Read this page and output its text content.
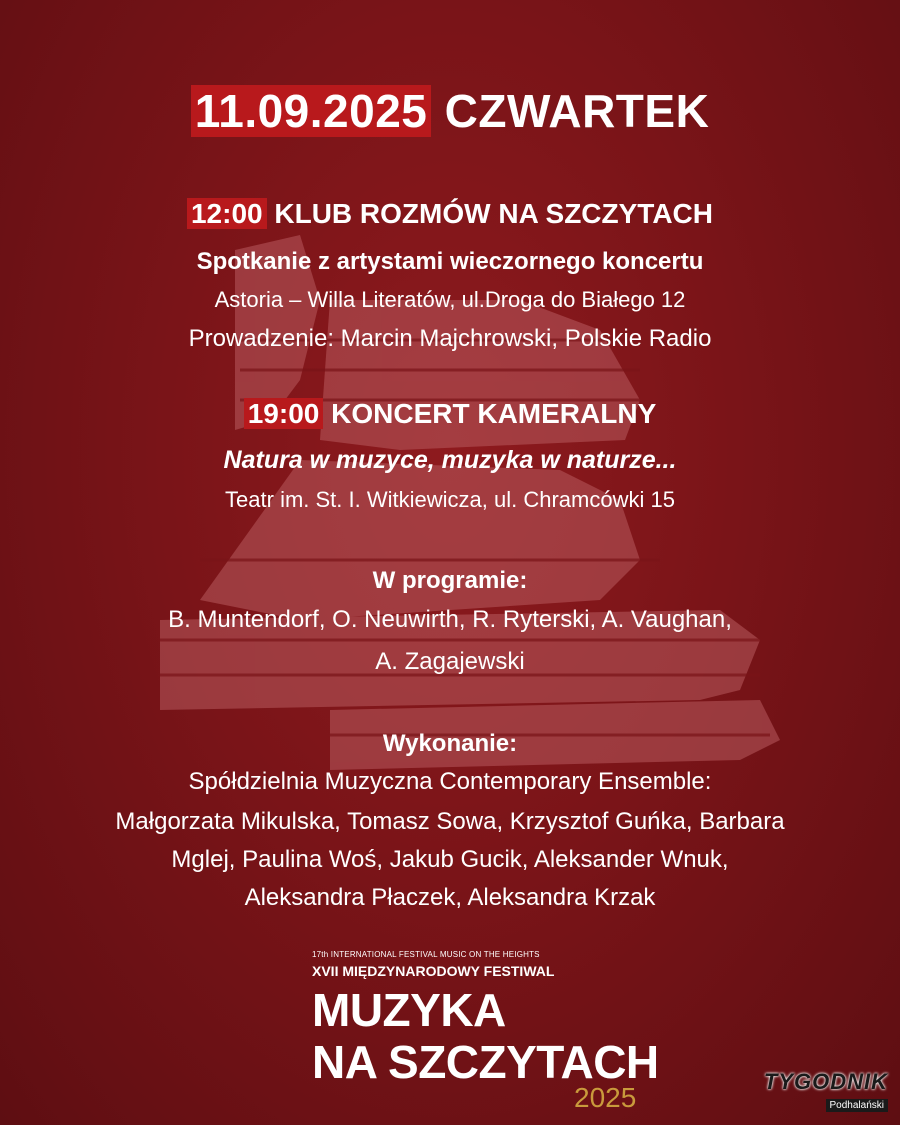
11.09.2025 CZWARTEK
12:00 KLUB ROZMÓW NA SZCZYTACH
Spotkanie z artystami wieczornego koncertu
Astoria – Willa Literatów, ul.Droga do Białego 12
Prowadzenie: Marcin Majchrowski, Polskie Radio
19:00 KONCERT KAMERALNY
Natura w muzyce, muzyka w naturze...
Teatr im. St. I. Witkiewicza, ul. Chramcówki 15
W programie:
B. Muntendorf, O. Neuwirth, R. Ryterski, A. Vaughan,
A. Zagajewski
Wykonanie:
Spółdzielnia Muzyczna Contemporary Ensemble:
Małgorzata Mikulska, Tomasz Sowa, Krzysztof Guńka, Barbara
Mglej, Paulina Woś, Jakub Gucik, Aleksander Wnuk,
Aleksandra Płaczek, Aleksandra Krzak
17th INTERNATIONAL FESTIVAL MUSIC ON THE HEIGHTS
XVII MIĘDZYNARODOWY FESTIWAL
MUZYKA
NA SZCZYTACH
2025
TYGODNIK
Podhalański
